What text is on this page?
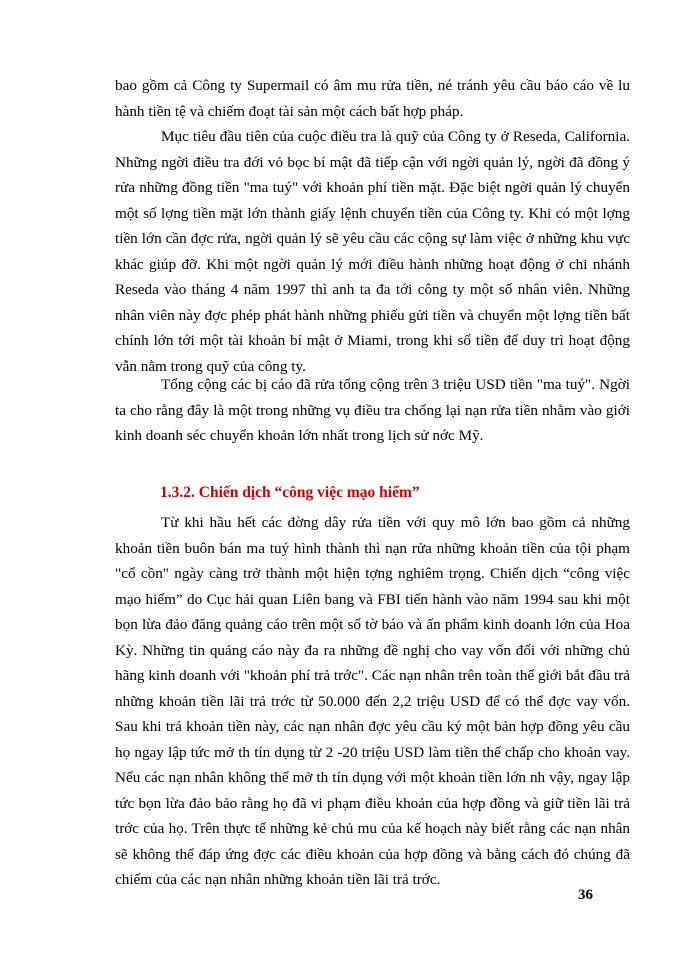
bao gồm cả Công ty Supermail có âm mu rửa tiền, né tránh yêu cầu báo cáo về lu hành tiền tệ và chiếm đoạt tài sản một cách bất hợp pháp.

Mục tiêu đầu tiên của cuộc điều tra là quỹ của Công ty ở Reseda, California. Những ngời điều tra đới vỏ bọc bí mật đã tiếp cận với ngời quản lý, ngời đã đồng ý rửa những đồng tiền "ma tuý" với khoản phí tiền mặt. Đặc biệt ngời quản lý chuyển một số lợng tiền mặt lớn thành giấy lệnh chuyển tiền của Công ty. Khi có một lợng tiền lớn cần đợc rửa, ngời quản lý sẽ yêu cầu các cộng sự làm việc ở những khu vực khác giúp đỡ. Khi một ngời quản lý mới điều hành những hoạt động ở chi nhánh Reseda vào tháng 4 năm 1997 thì anh ta đa tới công ty một số nhân viên. Những nhân viên này đợc phép phát hành những phiếu gửi tiền và chuyển một lợng tiền bất chính lớn tới một tài khoản bí mật ở Miami, trong khi số tiền để duy trì hoạt động vẫn nằm trong quỹ của công ty.

Tổng cộng các bị cáo đã rửa tổng cộng trên 3 triệu USD tiền "ma tuý". Ngời ta cho rằng đây là một trong những vụ điều tra chống lại nạn rửa tiền nhằm vào giới kinh doanh séc chuyển khoản lớn nhất trong lịch sử nớc Mỹ.

1.3.2. Chiến dịch “công việc mạo hiểm”

Từ khi hầu hết các đờng dây rửa tiền với quy mô lớn bao gồm cả những khoản tiền buôn bán ma tuý hình thành thì nạn rửa những khoản tiền của tội phạm "cổ cồn" ngày càng trở thành một hiện tợng nghiêm trọng. Chiến dịch “công việc mạo hiểm” do Cục hải quan Liên bang và FBI tiến hành vào năm 1994 sau khi một bọn lừa đảo đăng quảng cáo trên một số tờ báo và ấn phẩm kinh doanh lớn của Hoa Kỳ. Những tin quảng cáo này đa ra những đề nghị cho vay vốn đối với những chủ hãng kinh doanh với "khoản phí trả trớc". Các nạn nhân trên toàn thế giới bắt đầu trả những khoản tiền lãi trả trớc từ 50.000 đến 2,2 triệu USD để có thể đợc vay vốn. Sau khi trả khoản tiền này, các nạn nhân đợc yêu cầu ký một bản hợp đồng yêu cầu họ ngay lập tức mở th tín dụng từ 2 -20 triệu USD làm tiền thế chấp cho khoản vay. Nếu các nạn nhân không thể mở th tín dụng với một khoản tiền lớn nh vậy, ngay lập tức bọn lừa đảo bảo rằng họ đã vi phạm điều khoản của hợp đồng và giữ tiền lãi trả trớc của họ. Trên thực tế những kẻ chủ mu của kế hoạch này biết rằng các nạn nhân sẽ không thể đáp ứng đợc các điều khoản của hợp đồng và bằng cách đó chúng đã chiếm của các nạn nhân những khoản tiền lãi trả trớc.

36
